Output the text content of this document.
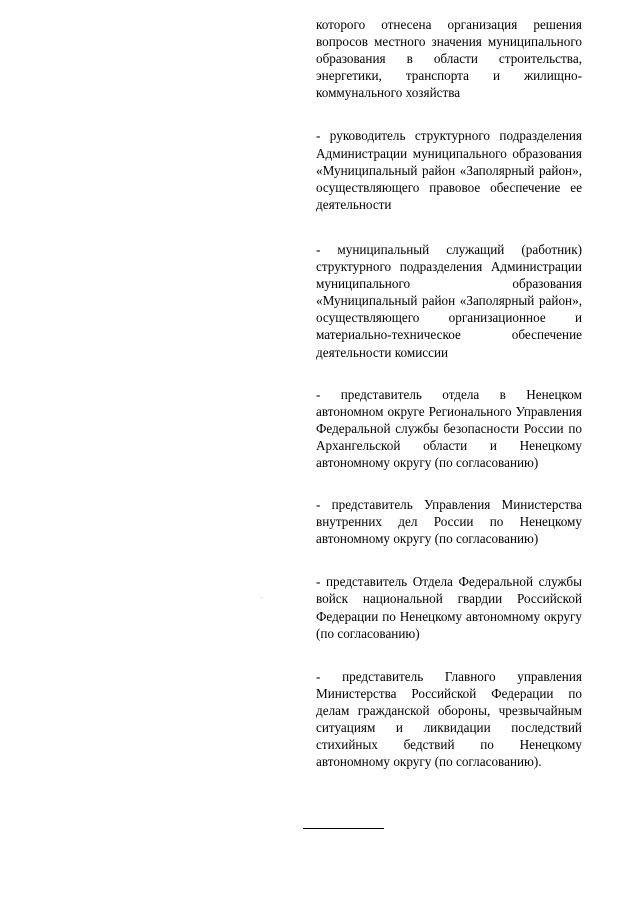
которого отнесена организация решения вопросов местного значения муниципального образования в области строительства, энергетики, транспорта и жилищно-коммунального хозяйства

- руководитель структурного подразделения Администрации муниципального образования «Муниципальный район «Заполярный район», осуществляющего правовое обеспечение ее деятельности

- муниципальный служащий (работник) структурного подразделения Администрации муниципального образования «Муниципальный район «Заполярный район», осуществляющего организационное и материально-техническое обеспечение деятельности комиссии

- представитель отдела в Ненецком автономном округе Регионального Управления Федеральной службы безопасности России по Архангельской области и Ненецкому автономному округу (по согласованию)

- представитель Управления Министерства внутренних дел России по Ненецкому автономному округу (по согласованию)

- представитель Отдела Федеральной службы войск национальной гвардии Российской Федерации по Ненецкому автономному округу (по согласованию)

- представитель Главного управления Министерства Российской Федерации по делам гражданской обороны, чрезвычайным ситуациям и ликвидации последствий стихийных бедствий по Ненецкому автономному округу (по согласованию).
